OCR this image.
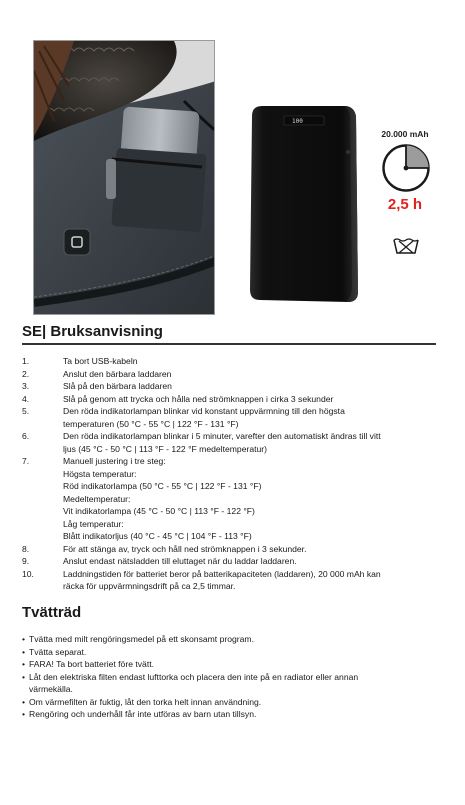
100
20.000 mAh
2,5 h
SE| Bruksanvisning
1.	Ta bort USB-kabeln
2.	Anslut den bärbara laddaren
3.	Slå på den bärbara laddaren
4.	Slå på genom att trycka och hålla ned strömknappen i cirka 3 sekunder
5.	Den röda indikatorlampan blinkar vid konstant uppvärmning till den högsta
temperaturen (50 °C - 55 °C | 122 °F - 131 °F)
6.	Den röda indikatorlampan blinkar i 5 minuter, varefter den automatiskt ändras till vitt
ljus (45 °C - 50 °C | 113 °F - 122 °F medeltemperatur)
7.	Manuell justering i tre steg:
Högsta temperatur:
Röd indikatorlampa (50 °C - 55 °C | 122 °F - 131 °F)
Medeltemperatur:
Vit indikatorlampa (45 °C - 50 °C | 113 °F - 122 °F)
Låg temperatur:
Blått indikatorljus (40 °C - 45 °C | 104 °F - 113 °F)
8.	För att stänga av, tryck och håll ned strömknappen i 3 sekunder.
9.	Anslut endast nätsladden till eluttaget när du laddar laddaren.
10.	Laddningstiden för batteriet beror på batterikapaciteten (laddaren), 20 000 mAh kan
räcka för uppvärmningsdrift på ca 2,5 timmar.
Tvätträd
• Tvätta med milt rengöringsmedel på ett skonsamt program.
• Tvätta separat.
• FARA! Ta bort batteriet före tvätt.
• Låt den elektriska filten endast lufttorka och placera den inte på en radiator eller annan
värmekälla.
• Om värmefilten är fuktig, låt den torka helt innan användning.
• Rengöring och underhåll får inte utföras av barn utan tillsyn.
